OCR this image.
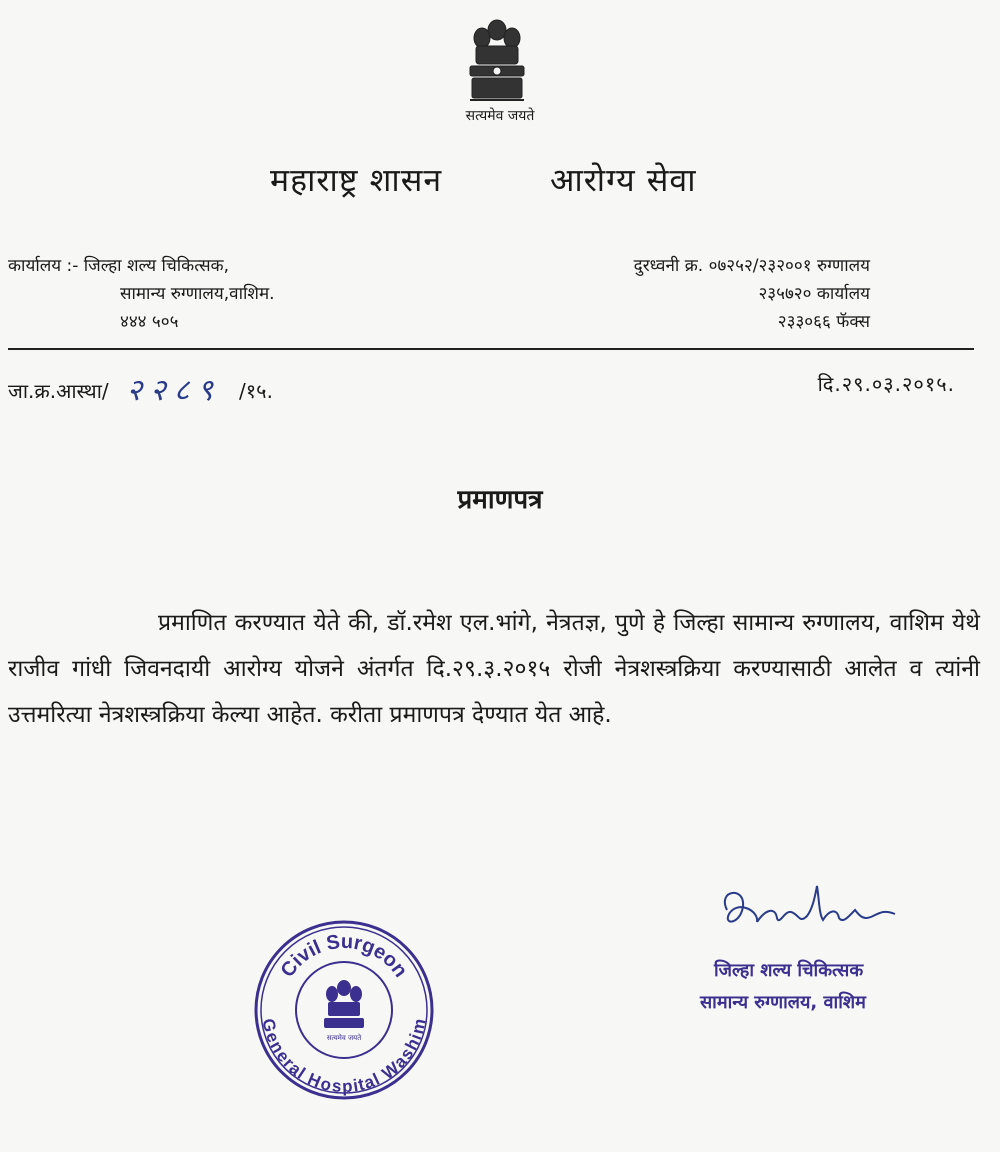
सत्यमेव जयते
महाराष्ट्र शासन	आरोग्य सेवा
कार्यालय :- जिल्हा शल्य चिकित्सक,
सामान्य रुग्णालय,वाशिम.
४४४ ५०५
दुरध्वनी क्र. ०७२५२/२३२००१ रुग्णालय
२३५७२० कार्यालय
२३३०६६ फॅक्स
जा.क्र.आस्था/ २२८९ /१५.	दि.२९.०३.२०१५.
प्रमाणपत्र

प्रमाणित करण्यात येते की, डॉ.रमेश एल.भांगे, नेत्रतज्ञ, पुणे हे जिल्हा सामान्य रुग्णालय, वाशिम येथे राजीव गांधी जिवनदायी आरोग्य योजने अंतर्गत दि.२९.३.२०१५ रोजी नेत्रशस्त्रक्रिया करण्यासाठी आलेत व त्यांनी उत्तमरित्या नेत्रशस्त्रक्रिया केल्या आहेत. करीता प्रमाणपत्र देण्यात येत आहे.

Civil Surgeon
General Hospital Washim
सत्यमेव जयते
जिल्हा शल्य चिकित्सक
सामान्य रुग्णालय, वाशिम
